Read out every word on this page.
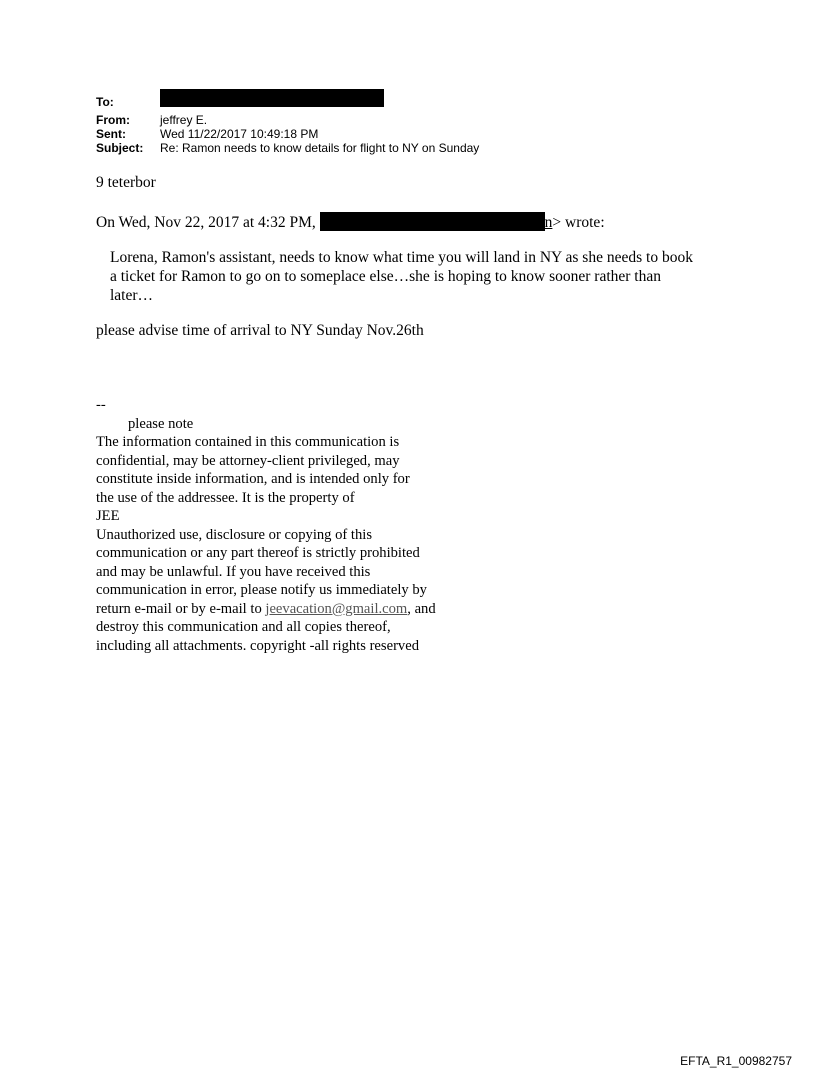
To:
From:	jeffrey E.
Sent:	Wed 11/22/2017 10:49:18 PM
Subject:	Re: Ramon needs to know details for flight to NY on Sunday

9 teterbor

On Wed, Nov 22, 2017 at 4:32 PM,	n> wrote:

Lorena, Ramon's assistant, needs to know what time you will land in NY as she needs to book
a ticket for Ramon to go on to someplace else…she is hoping to know sooner rather than
later…

please advise time of arrival to NY Sunday Nov.26th

--
please note
The information contained in this communication is
confidential, may be attorney-client privileged, may
constitute inside information, and is intended only for
the use of the addressee. It is the property of
JEE
Unauthorized use, disclosure or copying of this
communication or any part thereof is strictly prohibited
and may be unlawful. If you have received this
communication in error, please notify us immediately by
return e-mail or by e-mail to jeevacation@gmail.com, and
destroy this communication and all copies thereof,
including all attachments. copyright -all rights reserved
EFTA_R1_00982757
